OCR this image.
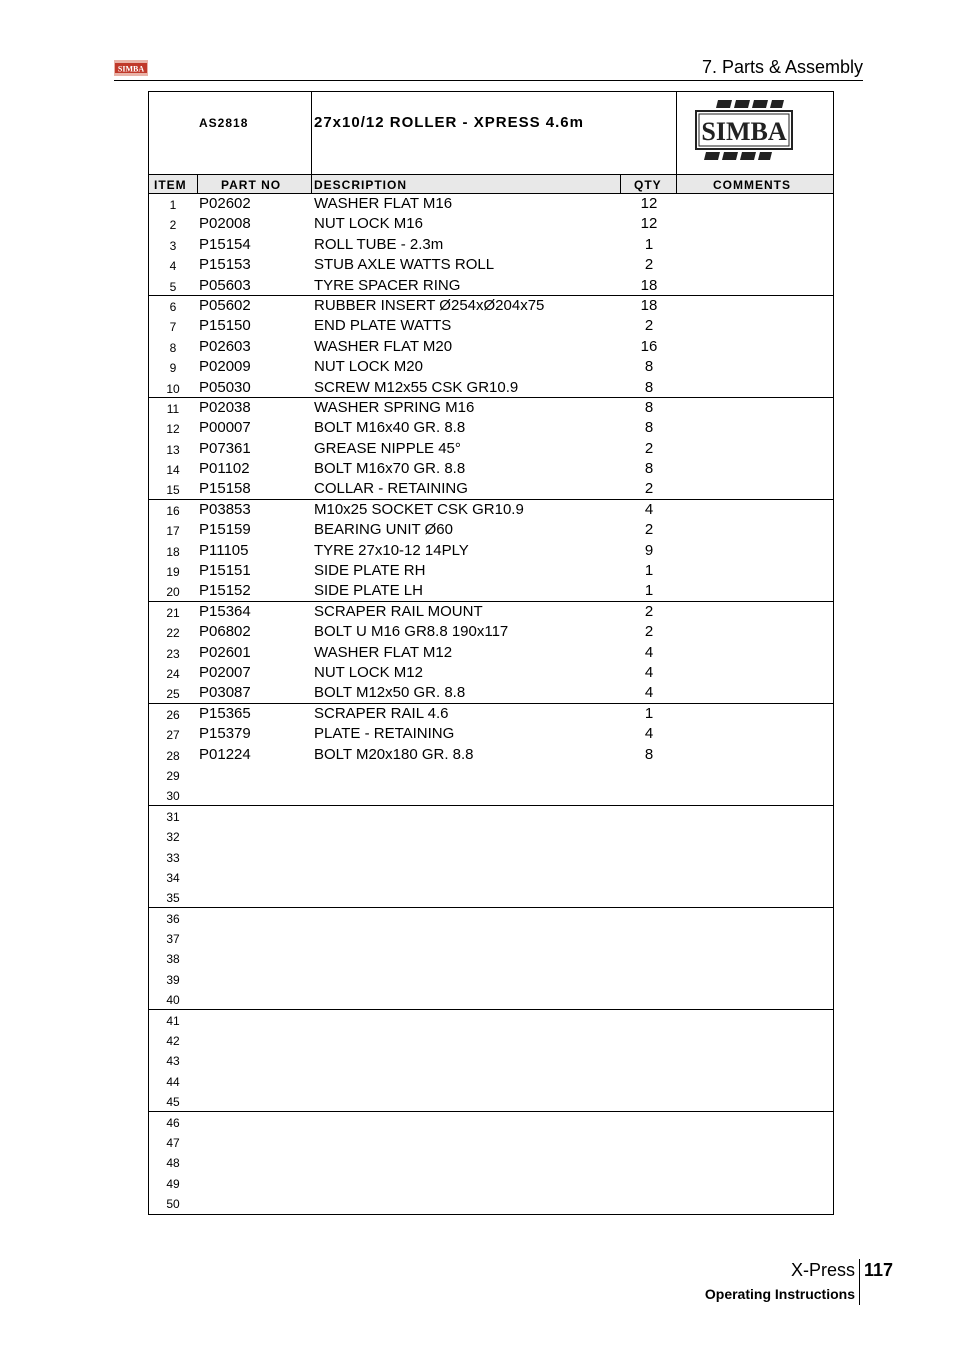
SIMBA	7. Parts & Assembly
AS2818	27x10/12 ROLLER - XPRESS 4.6m	SIMBA
ITEM	PART NO	DESCRIPTION	QTY	COMMENTS
1	P02602	WASHER FLAT M16	12
2	P02008	NUT LOCK M16	12
3	P15154	ROLL TUBE - 2.3m	1
4	P15153	STUB AXLE WATTS ROLL	2
5	P05603	TYRE SPACER RING	18
6	P05602	RUBBER INSERT Ø254xØ204x75	18
7	P15150	END PLATE WATTS	2
8	P02603	WASHER FLAT M20	16
9	P02009	NUT LOCK M20	8
10	P05030	SCREW M12x55 CSK GR10.9	8
11	P02038	WASHER SPRING M16	8
12	P00007	BOLT M16x40 GR. 8.8	8
13	P07361	GREASE NIPPLE 45°	2
14	P01102	BOLT M16x70 GR. 8.8	8
15	P15158	COLLAR - RETAINING	2
16	P03853	M10x25 SOCKET CSK GR10.9	4
17	P15159	BEARING UNIT Ø60	2
18	P11105	TYRE 27x10-12 14PLY	9
19	P15151	SIDE PLATE RH	1
20	P15152	SIDE PLATE LH	1
21	P15364	SCRAPER RAIL MOUNT	2
22	P06802	BOLT U M16 GR8.8 190x117	2
23	P02601	WASHER FLAT M12	4
24	P02007	NUT LOCK M12	4
25	P03087	BOLT M12x50 GR. 8.8	4
26	P15365	SCRAPER RAIL 4.6	1
27	P15379	PLATE - RETAINING	4
28	P01224	BOLT M20x180 GR. 8.8	8
29
30
31
32
33
34
35
36
37
38
39
40
41
42
43
44
45
46
47
48
49
50
X-Press 117
Operating Instructions
